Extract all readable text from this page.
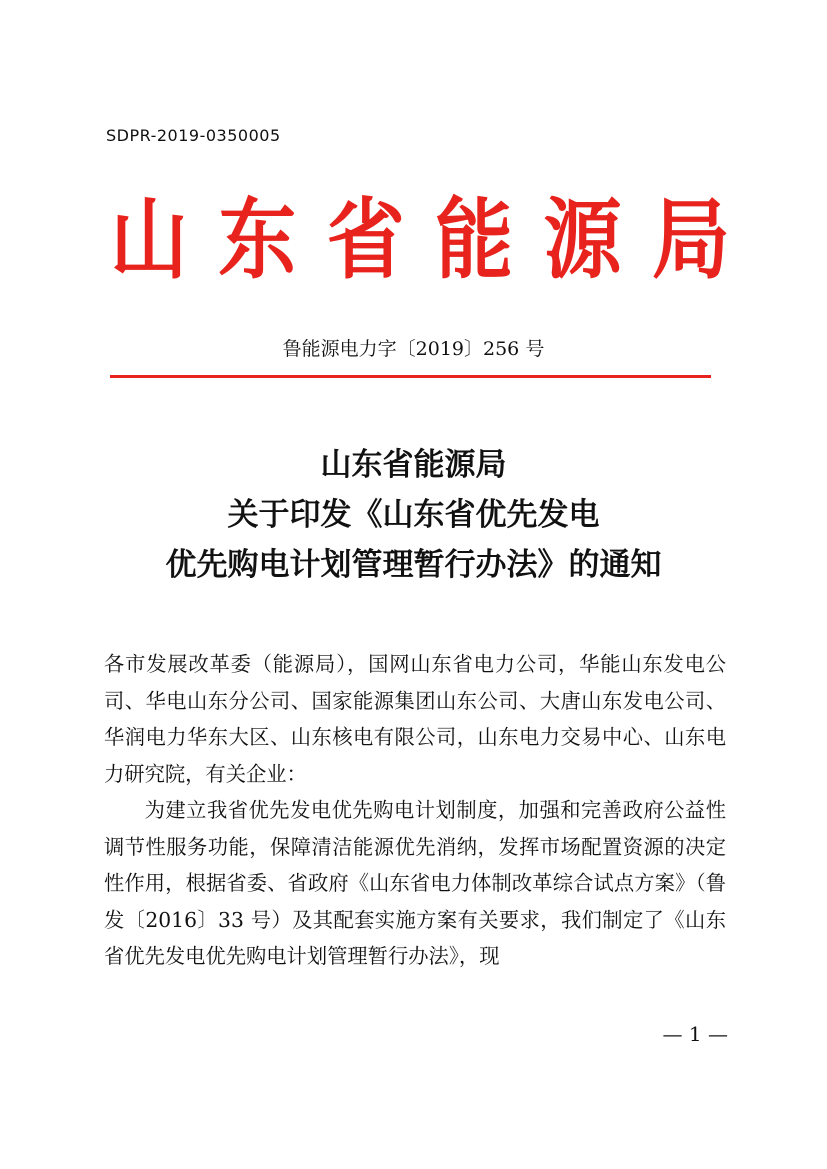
SDPR-2019-0350005
山 东 省 能 源 局
鲁能源电力字〔2019〕256 号
山东省能源局
关于印发《山东省优先发电
优先购电计划管理暂行办法》的通知

各市发展改革委（能源局），国网山东省电力公司，华能山东发电公司、华电山东分公司、国家能源集团山东公司、大唐山东发电公司、华润电力华东大区、山东核电有限公司，山东电力交易中心、山东电力研究院，有关企业：

为建立我省优先发电优先购电计划制度，加强和完善政府公益性调节性服务功能，保障清洁能源优先消纳，发挥市场配置资源的决定性作用，根据省委、省政府《山东省电力体制改革综合试点方案》（鲁发〔2016〕33 号）及其配套实施方案有关要求，我们制定了《山东省优先发电优先购电计划管理暂行办法》，现

— 1 —
